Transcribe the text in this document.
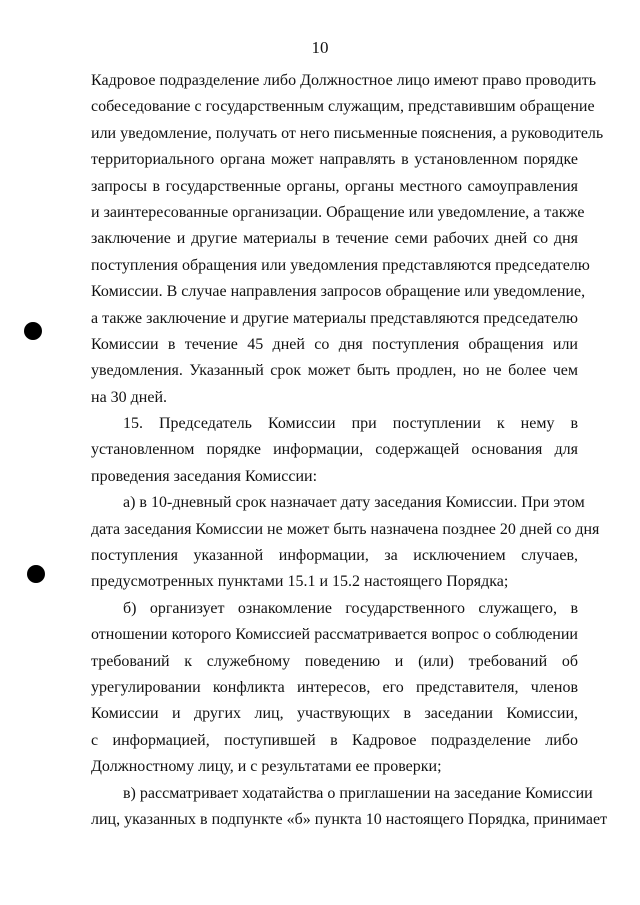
10

Кадровое подразделение либо Должностное лицо имеют право проводить
собеседование с государственным служащим, представившим обращение
или уведомление, получать от него письменные пояснения, а руководитель
территориального органа может направлять в установленном порядке
запросы в государственные органы, органы местного самоуправления
и заинтересованные организации. Обращение или уведомление, а также
заключение и другие материалы в течение семи рабочих дней со дня
поступления обращения или уведомления представляются председателю
Комиссии. В случае направления запросов обращение или уведомление,
а также заключение и другие материалы представляются председателю
Комиссии в течение 45 дней со дня поступления обращения или
уведомления. Указанный срок может быть продлен, но не более чем
на 30 дней.

15. Председатель Комиссии при поступлении к нему в
установленном порядке информации, содержащей основания для
проведения заседания Комиссии:

а) в 10-дневный срок назначает дату заседания Комиссии. При этом
дата заседания Комиссии не может быть назначена позднее 20 дней со дня
поступления указанной информации, за исключением случаев,
предусмотренных пунктами 15.1 и 15.2 настоящего Порядка;

б) организует ознакомление государственного служащего, в
отношении которого Комиссией рассматривается вопрос о соблюдении
требований к служебному поведению и (или) требований об
урегулировании конфликта интересов, его представителя, членов
Комиссии и других лиц, участвующих в заседании Комиссии,
с информацией, поступившей в Кадровое подразделение либо
Должностному лицу, и с результатами ее проверки;

в) рассматривает ходатайства о приглашении на заседание Комиссии
лиц, указанных в подпункте «б» пункта 10 настоящего Порядка, принимает
